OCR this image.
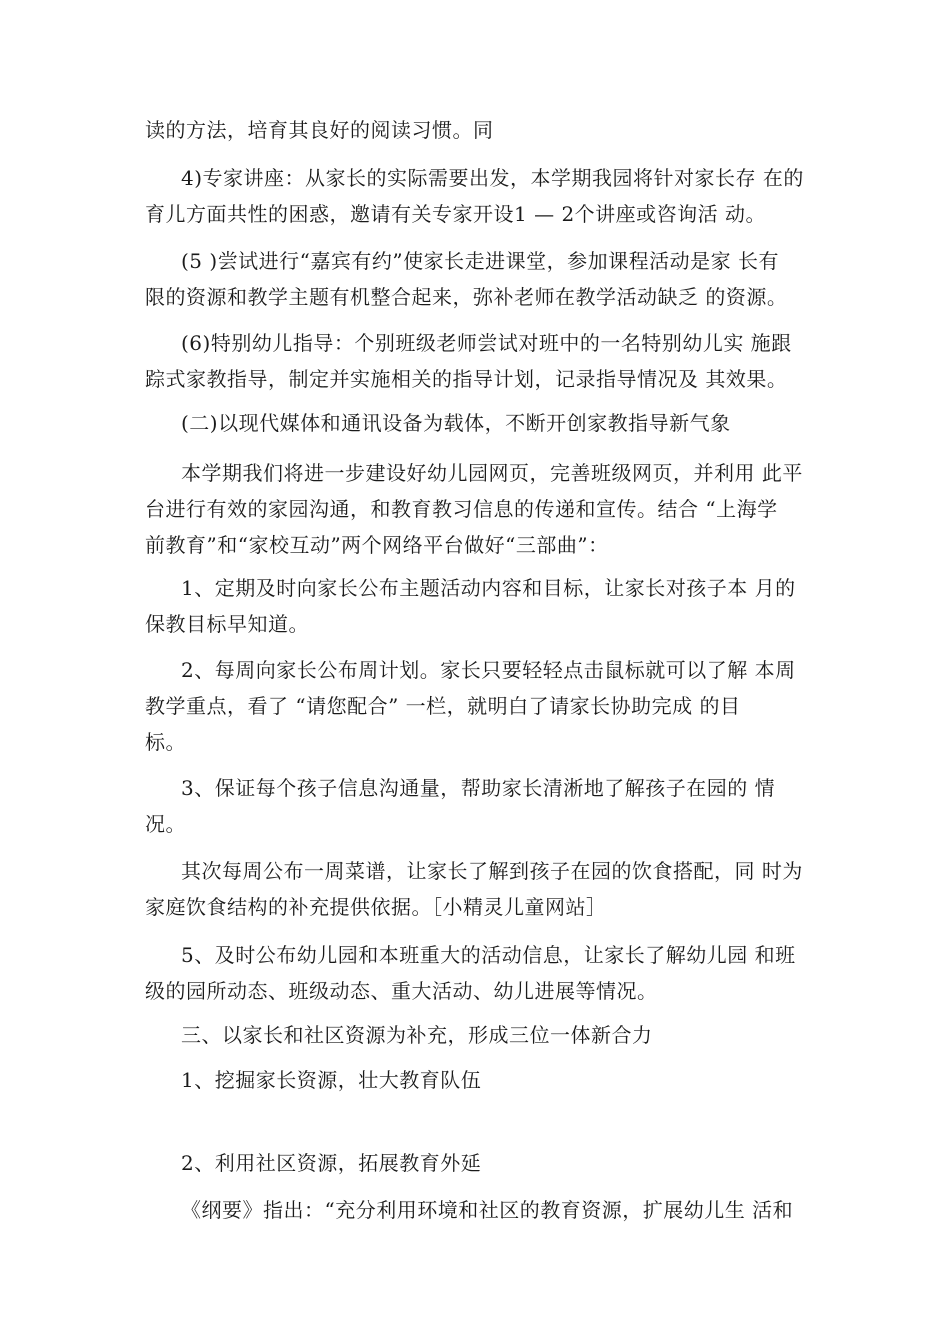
读的方法，培育其良好的阅读习惯。同

4)专家讲座：从家长的实际需要出发，本学期我园将针对家长存 在的
育儿方面共性的困惑，邀请有关专家开设1 — 2个讲座或咨询活 动。

(5 )尝试进行“嘉宾有约”使家长走进课堂，参加课程活动是家 长有
限的资源和教学主题有机整合起来，弥补老师在教学活动缺乏 的资源。

(6)特别幼儿指导：个别班级老师尝试对班中的一名特别幼儿实 施跟
踪式家教指导，制定并实施相关的指导计划，记录指导情况及 其效果。

(二)以现代媒体和通讯设备为载体，不断开创家教指导新气象

本学期我们将进一步建设好幼儿园网页，完善班级网页，并利用 此平
台进行有效的家园沟通，和教育教习信息的传递和宣传。结合 “上海学
前教育”和“家校互动”两个网络平台做好“三部曲”：

1、定期及时向家长公布主题活动内容和目标，让家长对孩子本 月的
保教目标早知道。

2、每周向家长公布周计划。家长只要轻轻点击鼠标就可以了解 本周
教学重点，看了 “请您配合” 一栏，就明白了请家长协助完成 的目
标。

3、保证每个孩子信息沟通量，帮助家长清淅地了解孩子在园的 情
况。

其次每周公布一周菜谱，让家长了解到孩子在园的饮食搭配，同 时为
家庭饮食结构的补充提供依据。［小精灵儿童网站］

5、及时公布幼儿园和本班重大的活动信息，让家长了解幼儿园 和班
级的园所动态、班级动态、重大活动、幼儿进展等情况。

三、以家长和社区资源为补充，形成三位一体新合力

1、挖掘家长资源，壮大教育队伍

2、利用社区资源，拓展教育外延

《纲要》指出：“充分利用环境和社区的教育资源，扩展幼儿生 活和
